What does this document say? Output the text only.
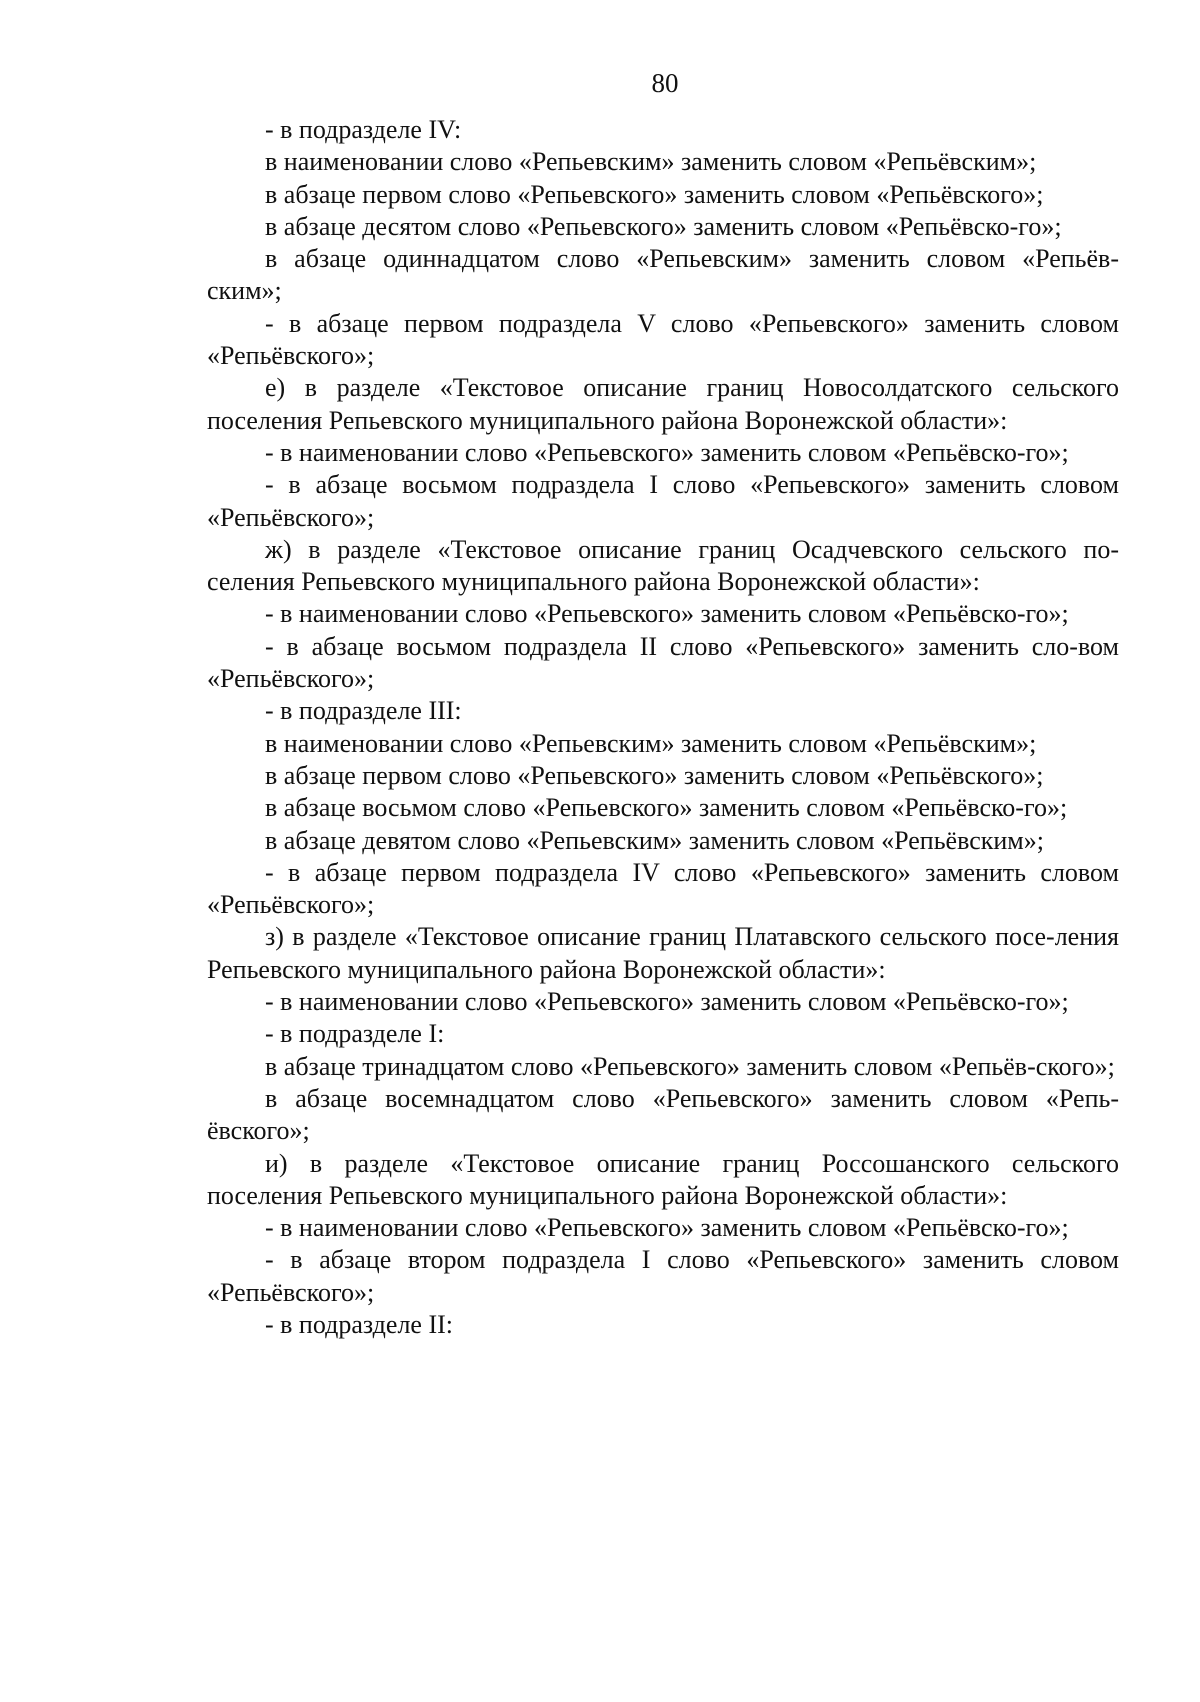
80

- в подразделе IV:

в наименовании слово «Репьевским» заменить словом «Репьёвским»;

в абзаце первом слово «Репьевского» заменить словом «Репьёвского»;

в абзаце десятом слово «Репьевского» заменить словом «Репьёвско-го»;

в абзаце одиннадцатом слово «Репьевским» заменить словом «Репьёв-ским»;

- в абзаце первом подраздела V слово «Репьевского» заменить словом «Репьёвского»;

е) в разделе «Текстовое описание границ Новосолдатского сельского поселения Репьевского муниципального района Воронежской области»:

- в наименовании слово «Репьевского» заменить словом «Репьёвско-го»;

- в абзаце восьмом подраздела I слово «Репьевского» заменить словом «Репьёвского»;

ж) в разделе «Текстовое описание границ Осадчевского сельского по-селения Репьевского муниципального района Воронежской области»:

- в наименовании слово «Репьевского» заменить словом «Репьёвско-го»;

- в абзаце восьмом подраздела II слово «Репьевского» заменить сло-вом «Репьёвского»;

- в подразделе III:

в наименовании слово «Репьевским» заменить словом «Репьёвским»;

в абзаце первом слово «Репьевского» заменить словом «Репьёвского»;

в абзаце восьмом слово «Репьевского» заменить словом «Репьёвско-го»;

в абзаце девятом слово «Репьевским» заменить словом «Репьёвским»;

- в абзаце первом подраздела IV слово «Репьевского» заменить словом «Репьёвского»;

з) в разделе «Текстовое описание границ Платавского сельского посе-ления Репьевского муниципального района Воронежской области»:

- в наименовании слово «Репьевского» заменить словом «Репьёвско-го»;

- в подразделе I:

в абзаце тринадцатом слово «Репьевского» заменить словом «Репьёв-ского»;

в абзаце восемнадцатом слово «Репьевского» заменить словом «Репь-ёвского»;

и) в разделе «Текстовое описание границ Россошанского сельского поселения Репьевского муниципального района Воронежской области»:

- в наименовании слово «Репьевского» заменить словом «Репьёвско-го»;

- в абзаце втором подраздела I слово «Репьевского» заменить словом «Репьёвского»;

- в подразделе II:
